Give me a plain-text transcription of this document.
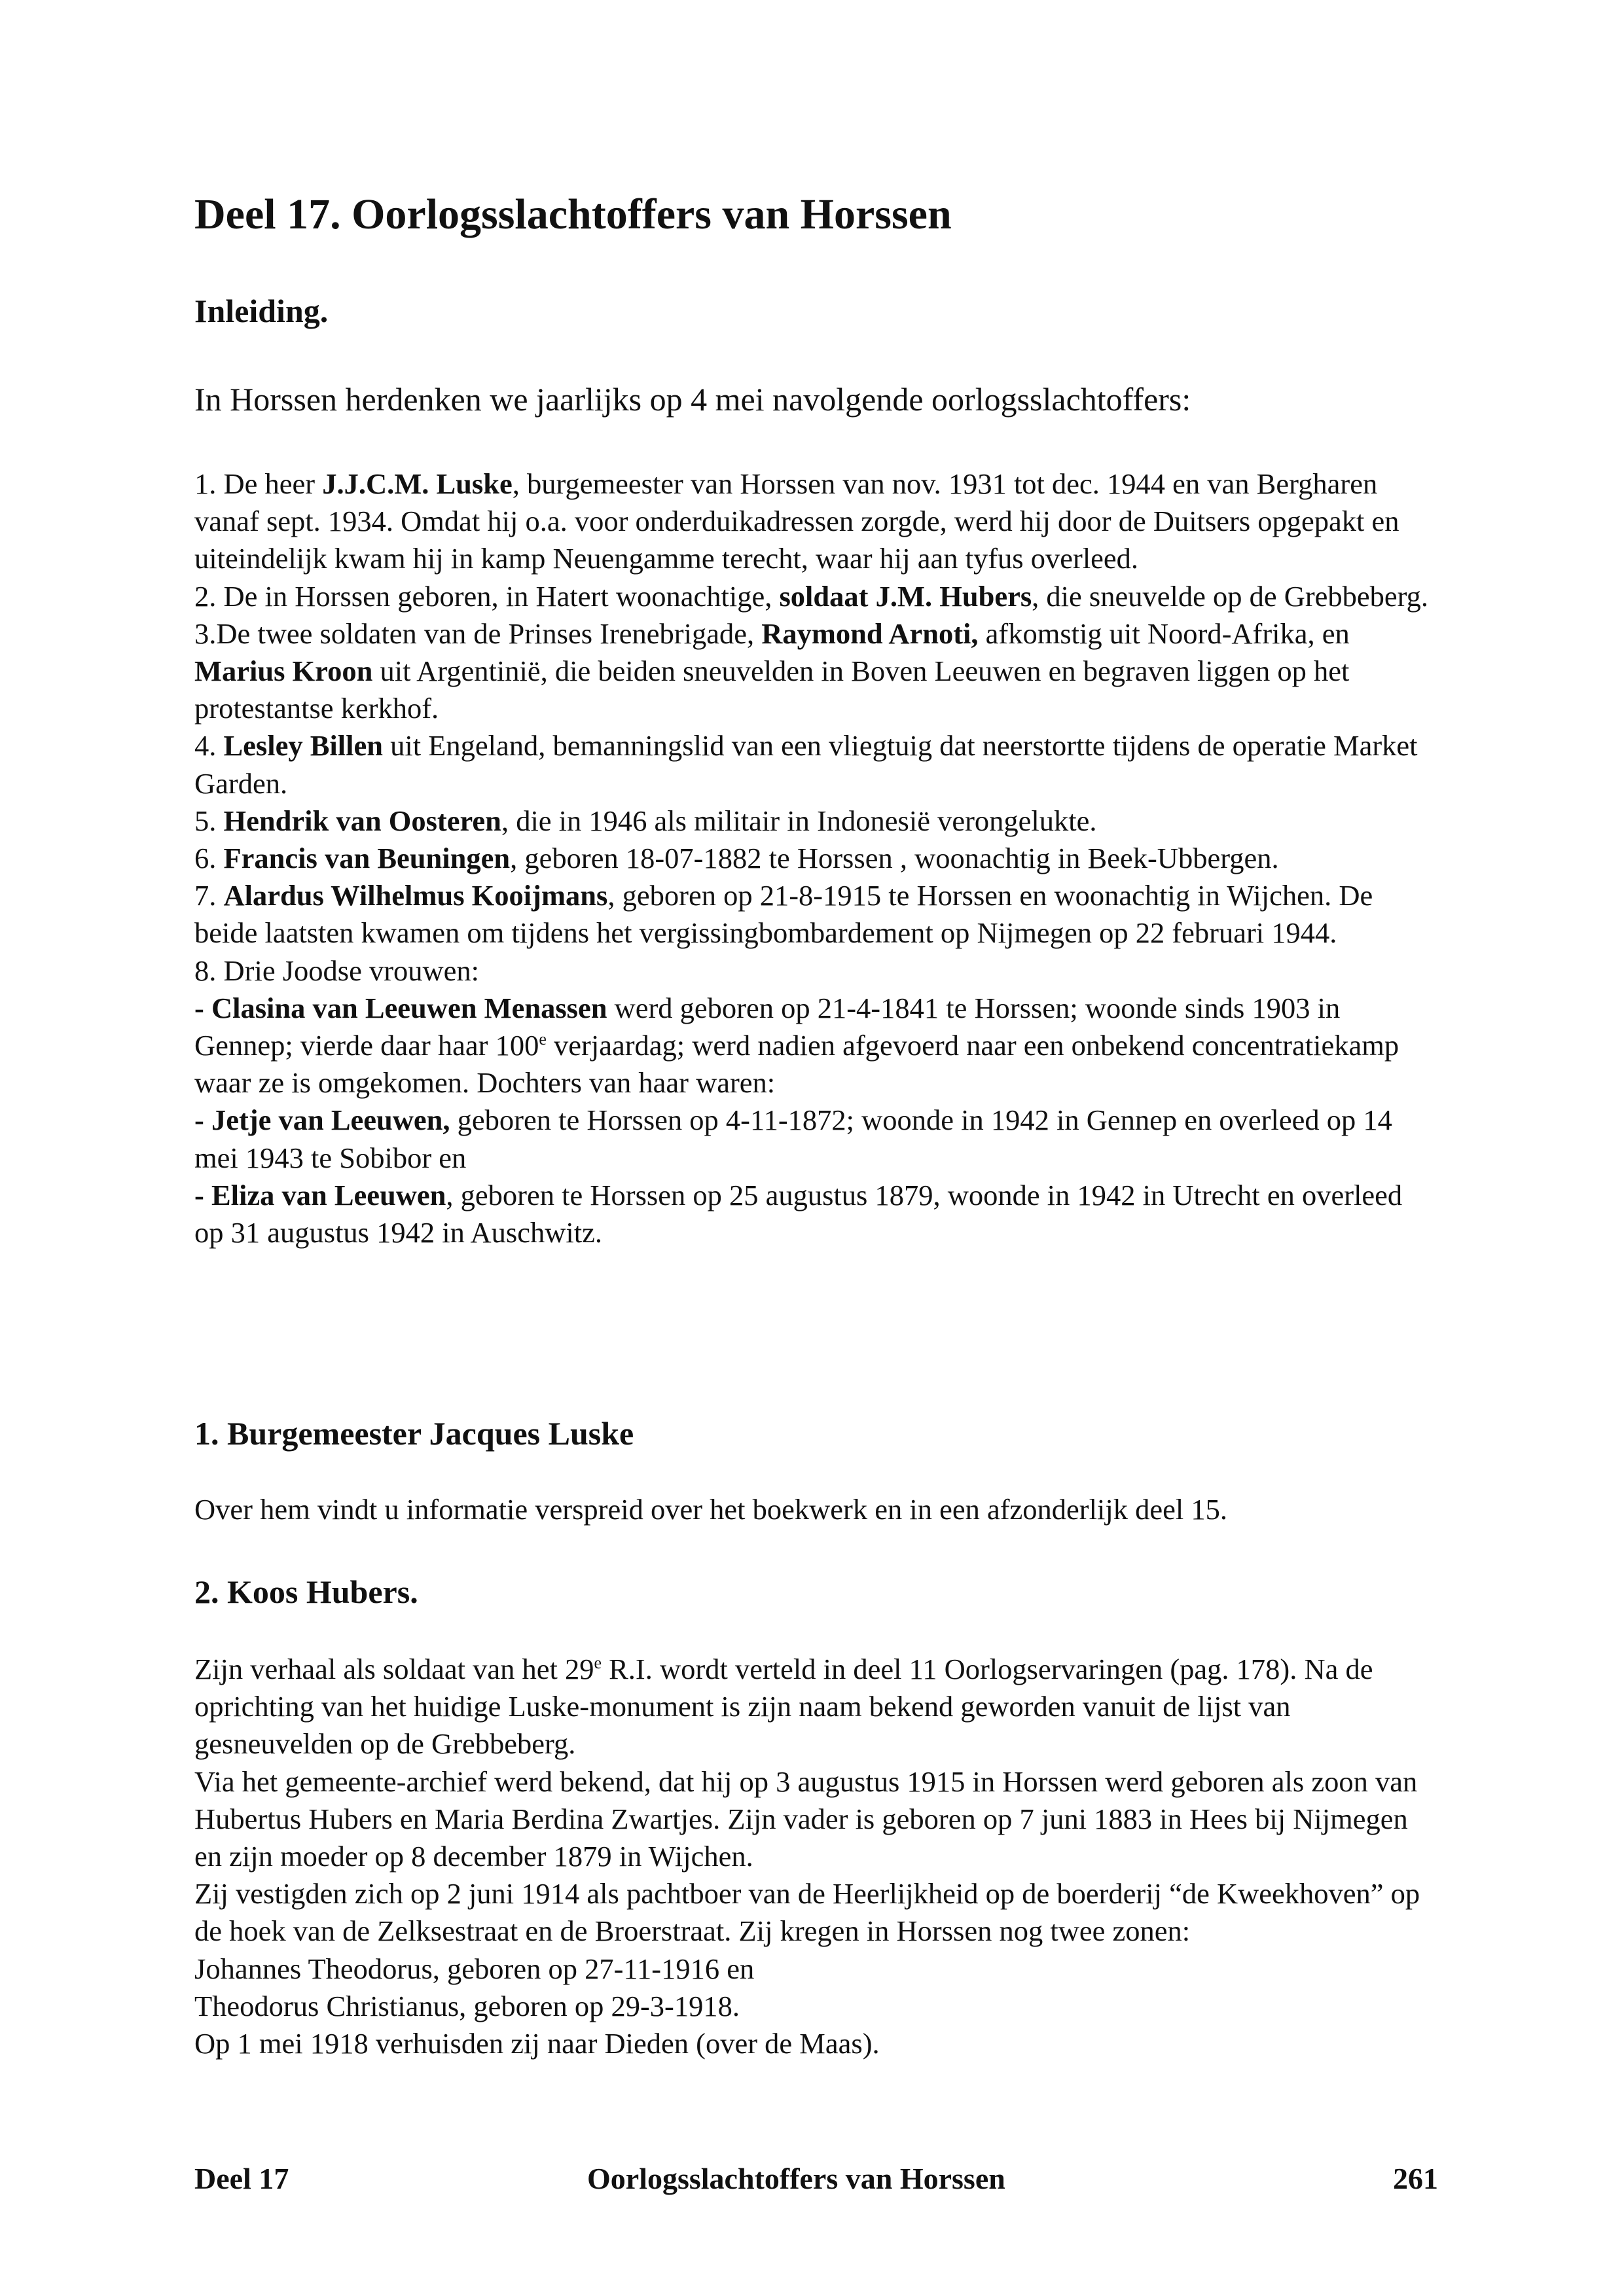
Deel 17. Oorlogsslachtoffers van Horssen
Inleiding.

In Horssen herdenken we jaarlijks op 4 mei navolgende oorlogsslachtoffers:

1. De heer J.J.C.M. Luske, burgemeester van Horssen van nov. 1931 tot dec. 1944 en van Bergharen vanaf sept. 1934. Omdat hij o.a. voor onderduikadressen zorgde, werd hij door de Duitsers opgepakt en uiteindelijk kwam hij in kamp Neuengamme terecht, waar hij aan tyfus overleed.

2. De in Horssen geboren, in Hatert woonachtige, soldaat J.M. Hubers, die sneuvelde op de Grebbeberg.

3.De twee soldaten van de Prinses Irenebrigade, Raymond Arnoti, afkomstig uit Noord-Afrika, en Marius Kroon uit Argentinië, die beiden sneuvelden in Boven Leeuwen en begraven liggen op het protestantse kerkhof.

4. Lesley Billen uit Engeland, bemanningslid van een vliegtuig dat neerstortte tijdens de operatie Market Garden.

5. Hendrik van Oosteren, die in 1946 als militair in Indonesië verongelukte.

6. Francis van Beuningen, geboren 18-07-1882 te Horssen , woonachtig in Beek-Ubbergen.

7. Alardus Wilhelmus Kooijmans, geboren op 21-8-1915 te Horssen en woonachtig in Wijchen. De beide laatsten kwamen om tijdens het vergissingbombardement op Nijmegen op 22 februari 1944.

8. Drie Joodse vrouwen:

- Clasina van Leeuwen Menassen werd geboren op 21-4-1841 te Horssen; woonde sinds 1903 in Gennep; vierde daar haar 100e verjaardag; werd nadien afgevoerd naar een onbekend concentratiekamp waar ze is omgekomen. Dochters van haar waren:

- Jetje van Leeuwen, geboren te Horssen op 4-11-1872; woonde in 1942 in Gennep en overleed op 14 mei 1943 te Sobibor en

- Eliza van Leeuwen, geboren te Horssen op 25 augustus 1879, woonde in 1942 in Utrecht en overleed op 31 augustus 1942 in Auschwitz.

1. Burgemeester Jacques Luske

Over hem vindt u informatie verspreid over het boekwerk en in een afzonderlijk deel 15.

2. Koos Hubers.

Zijn verhaal als soldaat van het 29e R.I. wordt verteld in deel 11 Oorlogservaringen (pag. 178). Na de oprichting van het huidige Luske-monument is zijn naam bekend geworden vanuit de lijst van gesneuvelden op de Grebbeberg.

Via het gemeente-archief werd bekend, dat hij op 3 augustus 1915 in Horssen werd geboren als zoon van Hubertus Hubers en Maria Berdina Zwartjes. Zijn vader is geboren op 7 juni 1883 in Hees bij Nijmegen en zijn moeder op 8 december 1879 in Wijchen.

Zij vestigden zich op 2 juni 1914 als pachtboer van de Heerlijkheid op de boerderij “de Kweekhoven” op de hoek van de Zelksestraat en de Broerstraat. Zij kregen in Horssen nog twee zonen:

Johannes Theodorus, geboren op 27-11-1916 en

Theodorus Christianus, geboren op 29-3-1918.

Op 1 mei 1918 verhuisden zij naar Dieden (over de Maas).

Deel 17	Oorlogsslachtoffers van Horssen	261
